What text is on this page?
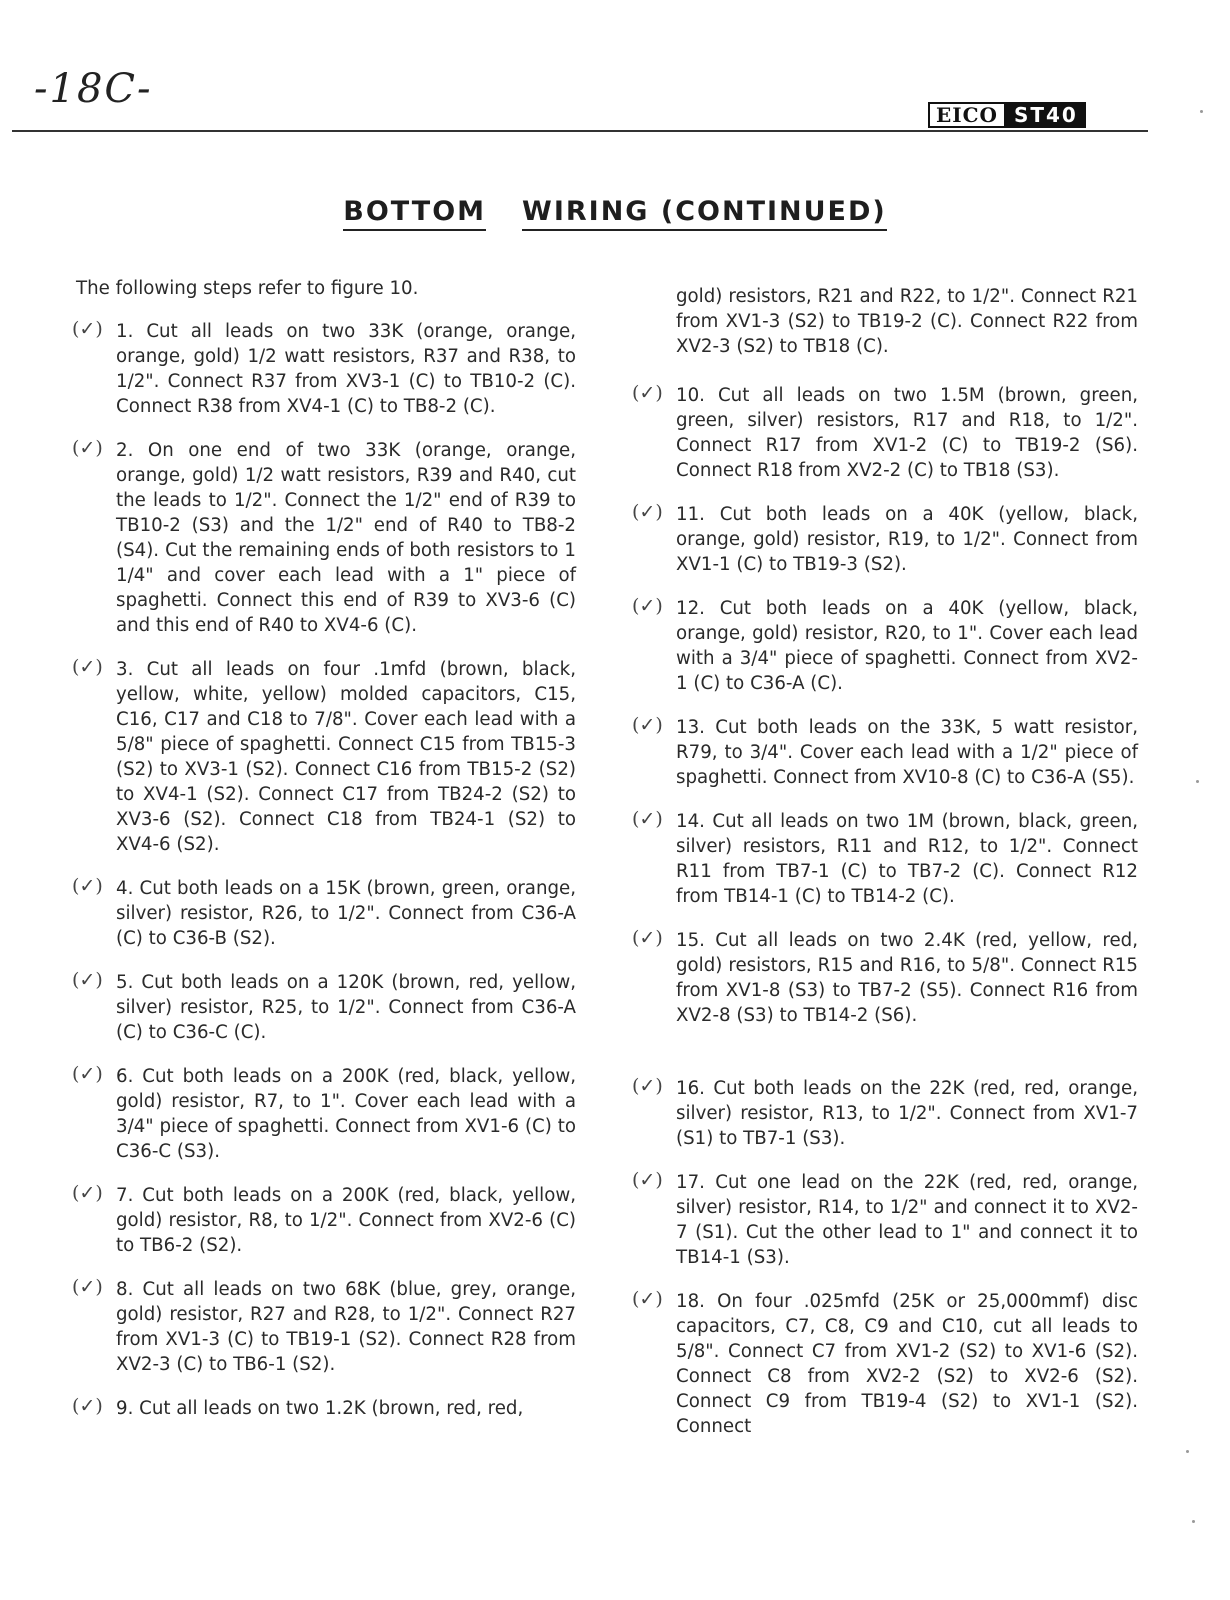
-18C-
EICO ST40
BOTTOM WIRING (CONTINUED)
The following steps refer to figure 10.
(✓) 1. Cut all leads on two 33K (orange, orange, orange, gold) 1/2 watt resistors, R37 and R38, to 1/2". Connect R37 from XV3-1 (C) to TB10-2 (C). Connect R38 from XV4-1 (C) to TB8-2 (C).
(✓) 2. On one end of two 33K (orange, orange, orange, gold) 1/2 watt resistors, R39 and R40, cut the leads to 1/2". Connect the 1/2" end of R39 to TB10-2 (S3) and the 1/2" end of R40 to TB8-2 (S4). Cut the remaining ends of both resistors to 1 1/4" and cover each lead with a 1" piece of spaghetti. Connect this end of R39 to XV3-6 (C) and this end of R40 to XV4-6 (C).
(✓) 3. Cut all leads on four .1mfd (brown, black, yellow, white, yellow) molded capacitors, C15, C16, C17 and C18 to 7/8". Cover each lead with a 5/8" piece of spaghetti. Connect C15 from TB15-3 (S2) to XV3-1 (S2). Connect C16 from TB15-2 (S2) to XV4-1 (S2). Connect C17 from TB24-2 (S2) to XV3-6 (S2). Connect C18 from TB24-1 (S2) to XV4-6 (S2).
(✓) 4. Cut both leads on a 15K (brown, green, orange, silver) resistor, R26, to 1/2". Connect from C36-A (C) to C36-B (S2).
(✓) 5. Cut both leads on a 120K (brown, red, yellow, silver) resistor, R25, to 1/2". Connect from C36-A (C) to C36-C (C).
(✓) 6. Cut both leads on a 200K (red, black, yellow, gold) resistor, R7, to 1". Cover each lead with a 3/4" piece of spaghetti. Connect from XV1-6 (C) to C36-C (S3).
(✓) 7. Cut both leads on a 200K (red, black, yellow, gold) resistor, R8, to 1/2". Connect from XV2-6 (C) to TB6-2 (S2).
(✓) 8. Cut all leads on two 68K (blue, grey, orange, gold) resistor, R27 and R28, to 1/2". Connect R27 from XV1-3 (C) to TB19-1 (S2). Connect R28 from XV2-3 (C) to TB6-1 (S2).
(✓) 9. Cut all leads on two 1.2K (brown, red, red,
gold) resistors, R21 and R22, to 1/2". Connect R21 from XV1-3 (S2) to TB19-2 (C). Connect R22 from XV2-3 (S2) to TB18 (C).
(✓) 10. Cut all leads on two 1.5M (brown, green, green, silver) resistors, R17 and R18, to 1/2". Connect R17 from XV1-2 (C) to TB19-2 (S6). Connect R18 from XV2-2 (C) to TB18 (S3).
(✓) 11. Cut both leads on a 40K (yellow, black, orange, gold) resistor, R19, to 1/2". Connect from XV1-1 (C) to TB19-3 (S2).
(✓) 12. Cut both leads on a 40K (yellow, black, orange, gold) resistor, R20, to 1". Cover each lead with a 3/4" piece of spaghetti. Connect from XV2-1 (C) to C36-A (C).
(✓) 13. Cut both leads on the 33K, 5 watt resistor, R79, to 3/4". Cover each lead with a 1/2" piece of spaghetti. Connect from XV10-8 (C) to C36-A (S5).
(✓) 14. Cut all leads on two 1M (brown, black, green, silver) resistors, R11 and R12, to 1/2". Connect R11 from TB7-1 (C) to TB7-2 (C). Connect R12 from TB14-1 (C) to TB14-2 (C).
(✓) 15. Cut all leads on two 2.4K (red, yellow, red, gold) resistors, R15 and R16, to 5/8". Connect R15 from XV1-8 (S3) to TB7-2 (S5). Connect R16 from XV2-8 (S3) to TB14-2 (S6).
(✓) 16. Cut both leads on the 22K (red, red, orange, silver) resistor, R13, to 1/2". Connect from XV1-7 (S1) to TB7-1 (S3).
(✓) 17. Cut one lead on the 22K (red, red, orange, silver) resistor, R14, to 1/2" and connect it to XV2-7 (S1). Cut the other lead to 1" and connect it to TB14-1 (S3).
(✓) 18. On four .025mfd (25K or 25,000mmf) disc capacitors, C7, C8, C9 and C10, cut all leads to 5/8". Connect C7 from XV1-2 (S2) to XV1-6 (S2). Connect C8 from XV2-2 (S2) to XV2-6 (S2). Connect C9 from TB19-4 (S2) to XV1-1 (S2). Connect
